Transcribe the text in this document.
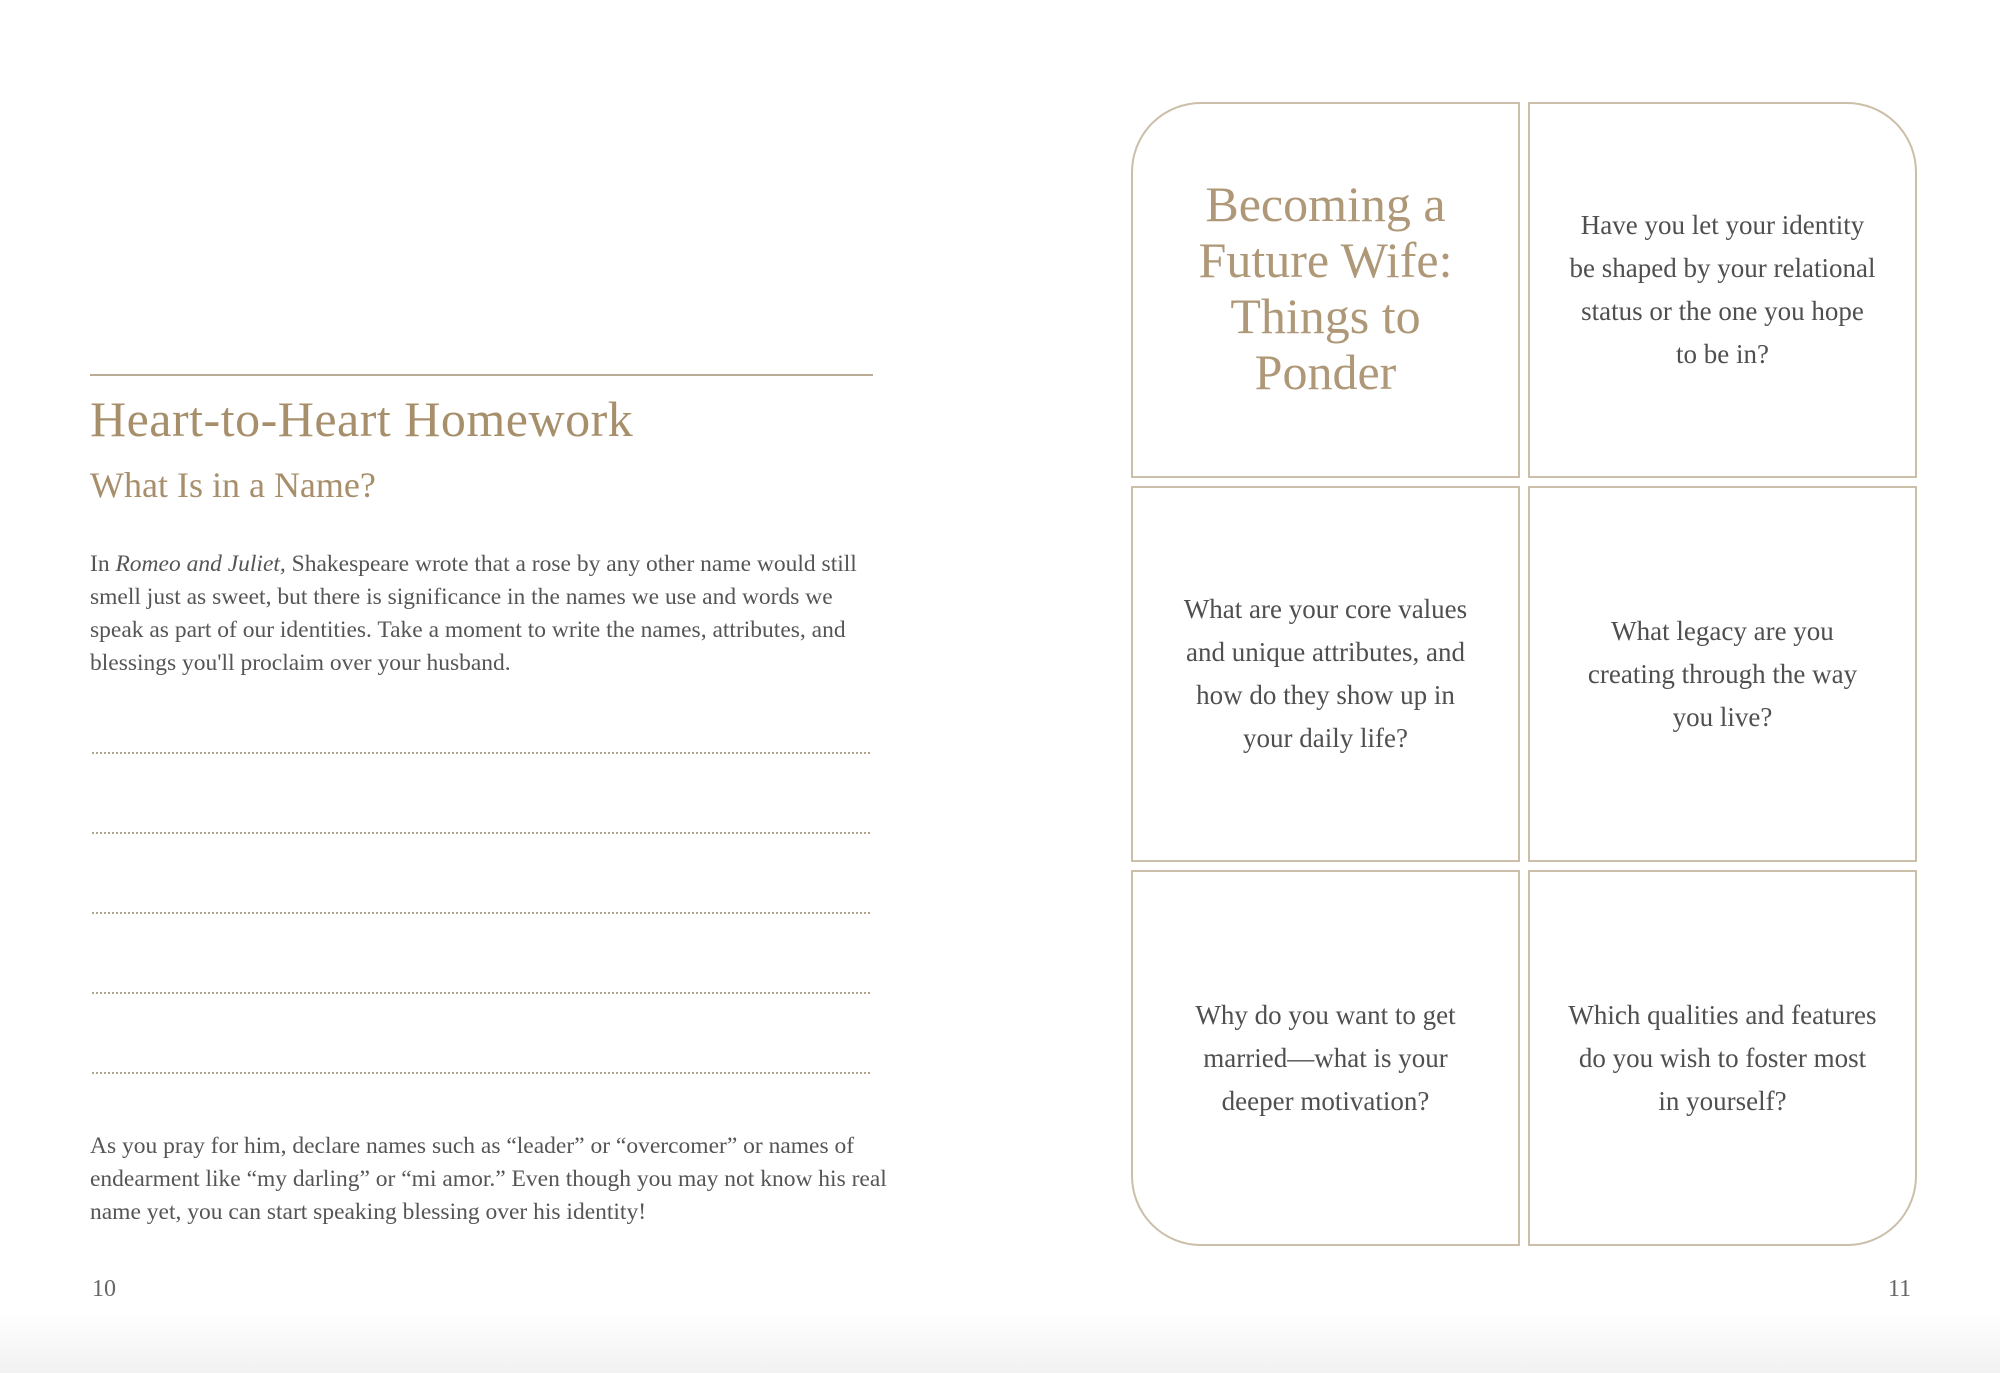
Heart-to-Heart Homework
What Is in a Name?

In Romeo and Juliet, Shakespeare wrote that a rose by any other name would still smell just as sweet, but there is significance in the names we use and words we speak as part of our identities. Take a moment to write the names, attributes, and blessings you'll proclaim over your husband.

As you pray for him, declare names such as “leader” or “overcomer” or names of endearment like “my darling” or “mi amor.” Even though you may not know his real name yet, you can start speaking blessing over his identity!

10
Becoming a Future Wife: Things to Ponder

Have you let your identity be shaped by your relational status or the one you hope to be in?

What are your core values and unique attributes, and how do they show up in your daily life?

What legacy are you creating through the way you live?

Why do you want to get married—what is your deeper motivation?

Which qualities and features do you wish to foster most in yourself?

11
